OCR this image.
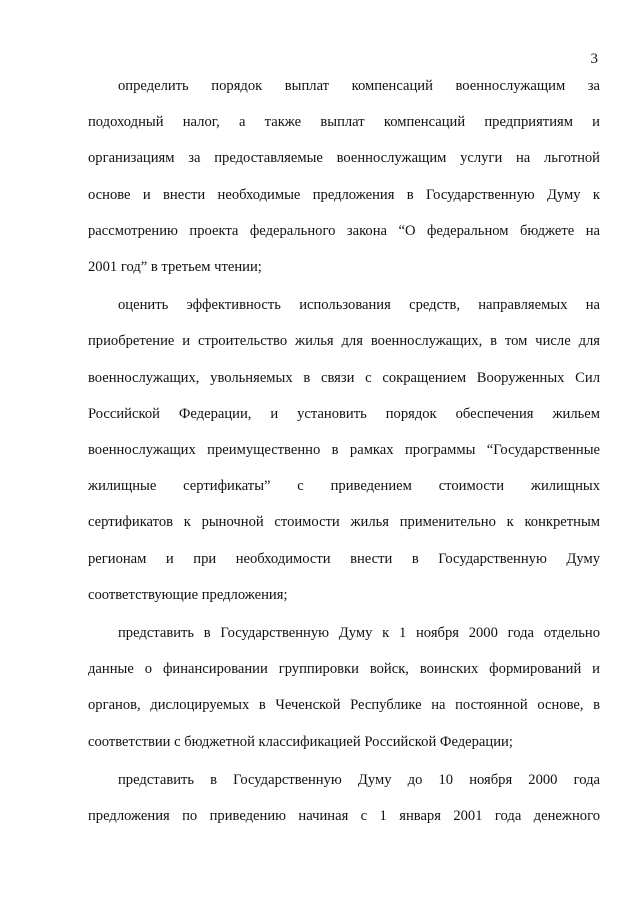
3
определить порядок выплат компенсаций военнослужащим за
подоходный налог, а также выплат компенсаций предприятиям и
организациям за предоставляемые военнослужащим услуги на льготной
основе и внести необходимые предложения в Государственную Думу к
рассмотрению проекта федерального закона “О федеральном бюджете на
2001 год” в третьем чтении;
оценить эффективность использования средств, направляемых на
приобретение и строительство жилья для военнослужащих, в том числе для
военнослужащих, увольняемых в связи с сокращением Вооруженных Сил
Российской Федерации, и установить порядок обеспечения жильем
военнослужащих преимущественно в рамках программы “Государственные
жилищные сертификаты” с приведением стоимости жилищных
сертификатов к рыночной стоимости жилья применительно к конкретным
регионам и при необходимости внести в Государственную Думу
соответствующие предложения;
представить в Государственную Думу к 1 ноября 2000 года отдельно
данные о финансировании группировки войск, воинских формирований и
органов, дислоцируемых в Чеченской Республике на постоянной основе, в
соответствии с бюджетной классификацией Российской Федерации;
представить в Государственную Думу до 10 ноября 2000 года
предложения по приведению начиная с 1 января 2001 года денежного
